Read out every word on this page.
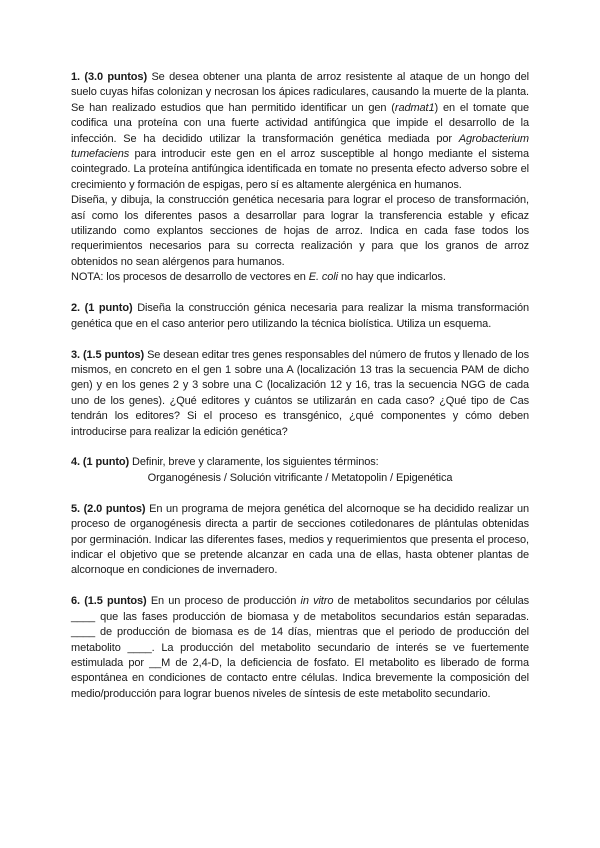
1. (3.0 puntos) Se desea obtener una planta de arroz resistente al ataque de un hongo del suelo cuyas hifas colonizan y necrosan los ápices radiculares, causando la muerte de la planta. Se han realizado estudios que han permitido identificar un gen (radmat1) en el tomate que codifica una proteína con una fuerte actividad antifúngica que impide el desarrollo de la infección. Se ha decidido utilizar la transformación genética mediada por Agrobacterium tumefaciens para introducir este gen en el arroz susceptible al hongo mediante el sistema cointegrado. La proteína antifúngica identificada en tomate no presenta efecto adverso sobre el crecimiento y formación de espigas, pero sí es altamente alergénica en humanos.

Diseña, y dibuja, la construcción genética necesaria para lograr el proceso de transformación, así como los diferentes pasos a desarrollar para lograr la transferencia estable y eficaz utilizando como explantos secciones de hojas de arroz. Indica en cada fase todos los requerimientos necesarios para su correcta realización y para que los granos de arroz obtenidos no sean alérgenos para humanos.

NOTA: los procesos de desarrollo de vectores en E. coli no hay que indicarlos.

2. (1 punto) Diseña la construcción génica necesaria para realizar la misma transformación genética que en el caso anterior pero utilizando la técnica biolística. Utiliza un esquema.

3. (1.5 puntos) Se desean editar tres genes responsables del número de frutos y llenado de los mismos, en concreto en el gen 1 sobre una A (localización 13 tras la secuencia PAM de dicho gen) y en los genes 2 y 3 sobre una C (localización 12 y 16, tras la secuencia NGG de cada uno de los genes). ¿Qué editores y cuántos se utilizarán en cada caso? ¿Qué tipo de Cas tendrán los editores? Si el proceso es transgénico, ¿qué componentes y cómo deben introducirse para realizar la edición genética?

4. (1 punto) Definir, breve y claramente, los siguientes términos:

Organogénesis / Solución vitrificante / Metatopolin / Epigenética

5. (2.0 puntos) En un programa de mejora genética del alcornoque se ha decidido realizar un proceso de organogénesis directa a partir de secciones cotiledonares de plántulas obtenidas por germinación. Indicar las diferentes fases, medios y requerimientos que presenta el proceso, indicar el objetivo que se pretende alcanzar en cada una de ellas, hasta obtener plantas de alcornoque en condiciones de invernadero.

6. (1.5 puntos) En un proceso de producción in vitro de metabolitos secundarios por células ____ que las fases producción de biomasa y de metabolitos secundarios están separadas. ____ de producción de biomasa es de 14 días, mientras que el periodo de producción del metabolito ____. La producción del metabolito secundario de interés se ve fuertemente estimulada por __M de 2,4-D, la deficiencia de fosfato. El metabolito es liberado de forma espontánea en condiciones de contacto entre células. Indica brevemente la composición del medio/producción para lograr buenos niveles de síntesis de este metabolito secundario.
